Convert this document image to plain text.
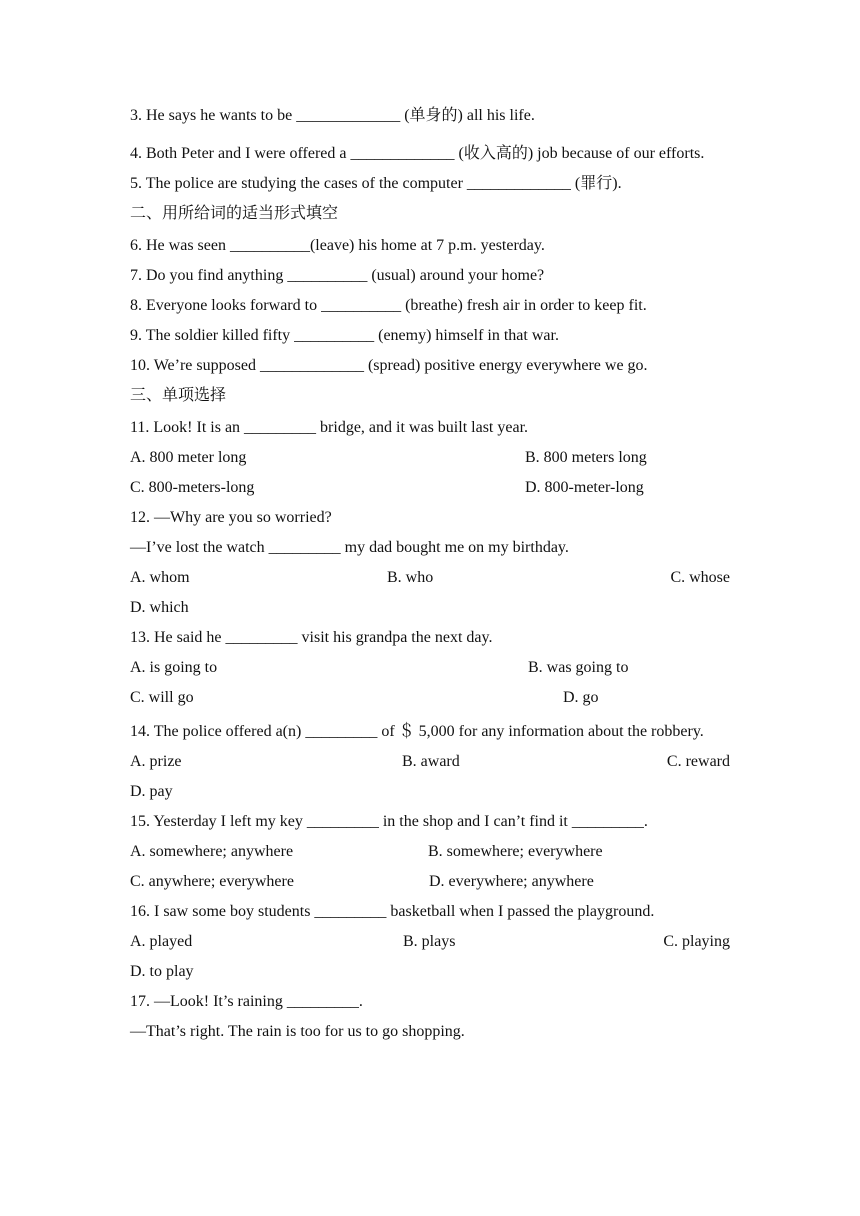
3. He says he wants to be _____________ (单身的) all his life.
4. Both Peter and I were offered a _____________ (收入高的) job because of our efforts.
5. The police are studying the cases of the computer _____________ (罪行).
二、用所给词的适当形式填空
6. He was seen __________(leave) his home at 7 p.m. yesterday.
7. Do you find anything __________ (usual) around your home?
8. Everyone looks forward to __________ (breathe) fresh air in order to keep fit.
9. The soldier killed fifty __________ (enemy) himself in that war.
10. We’re supposed _____________ (spread) positive energy everywhere we go.
三、单项选择
11. Look! It is an _________ bridge, and it was built last year.
A. 800 meter long	B. 800 meters long
C. 800-meters-long	D. 800-meter-long
12. —Why are you so worried?
—I’ve lost the watch _________ my dad bought me on my birthday.
A. whom	B. who	C. whose
D. which
13. He said he _________ visit his grandpa the next day.
A. is going to	B. was going to
C. will go	D. go
14. The police offered a(n) _________ of ＄ 5,000 for any information about the robbery.
A. prize	B. award	C. reward
D. pay
15. Yesterday I left my key _________ in the shop and I can’t find it _________.
A. somewhere; anywhere	B. somewhere; everywhere
C. anywhere; everywhere	D. everywhere; anywhere
16. I saw some boy students _________ basketball when I passed the playground.
A. played	B. plays	C. playing
D. to play
17. —Look! It’s raining _________.
—That’s right. The rain is too for us to go shopping.
